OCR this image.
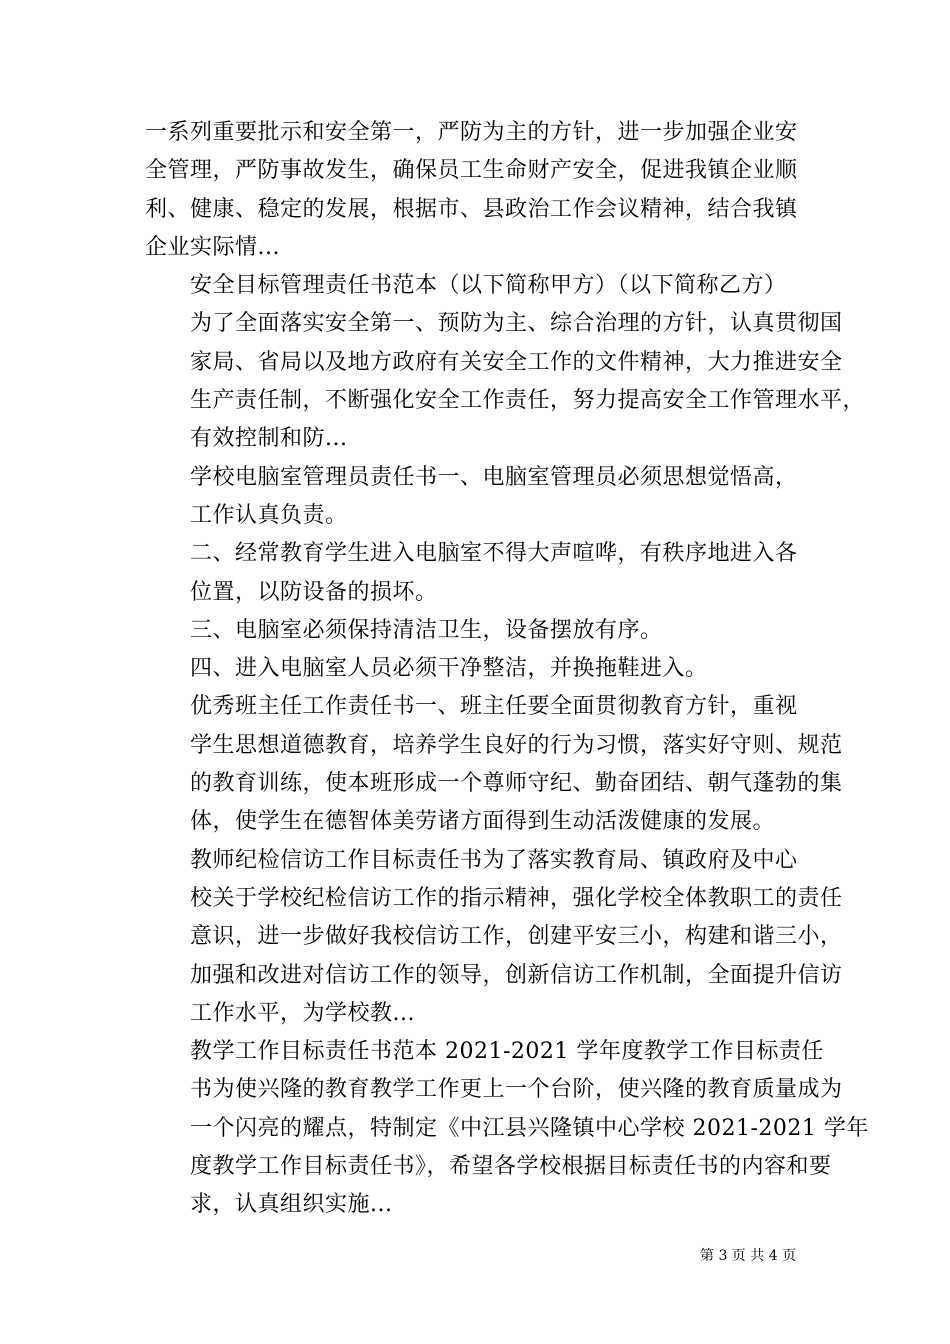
一系列重要批示和安全第一，严防为主的方针，进一步加强企业安
全管理，严防事故发生，确保员工生命财产安全，促进我镇企业顺
利、健康、稳定的发展，根据市、县政治工作会议精神，结合我镇
企业实际情...

安全目标管理责任书范本（以下简称甲方）（以下简称乙方）
为了全面落实安全第一、预防为主、综合治理的方针，认真贯彻国
家局、省局以及地方政府有关安全工作的文件精神，大力推进安全
生产责任制，不断强化安全工作责任，努力提高安全工作管理水平，
有效控制和防...

学校电脑室管理员责任书一、电脑室管理员必须思想觉悟高，
工作认真负责。

二、经常教育学生进入电脑室不得大声喧哗，有秩序地进入各
位置，以防设备的损坏。

三、电脑室必须保持清洁卫生，设备摆放有序。

四、进入电脑室人员必须干净整洁，并换拖鞋进入。

优秀班主任工作责任书一、班主任要全面贯彻教育方针，重视
学生思想道德教育，培养学生良好的行为习惯，落实好守则、规范
的教育训练，使本班形成一个尊师守纪、勤奋团结、朝气蓬勃的集
体，使学生在德智体美劳诸方面得到生动活泼健康的发展。

教师纪检信访工作目标责任书为了落实教育局、镇政府及中心
校关于学校纪检信访工作的指示精神，强化学校全体教职工的责任
意识，进一步做好我校信访工作，创建平安三小，构建和谐三小，
加强和改进对信访工作的领导，创新信访工作机制，全面提升信访
工作水平，为学校教...

教学工作目标责任书范本 2021-2021 学年度教学工作目标责任
书为使兴隆的教育教学工作更上一个台阶，使兴隆的教育质量成为
一个闪亮的耀点，特制定《中江县兴隆镇中心学校 2021-2021 学年
度教学工作目标责任书》，希望各学校根据目标责任书的内容和要
求，认真组织实施...

第 3 页 共 4 页
